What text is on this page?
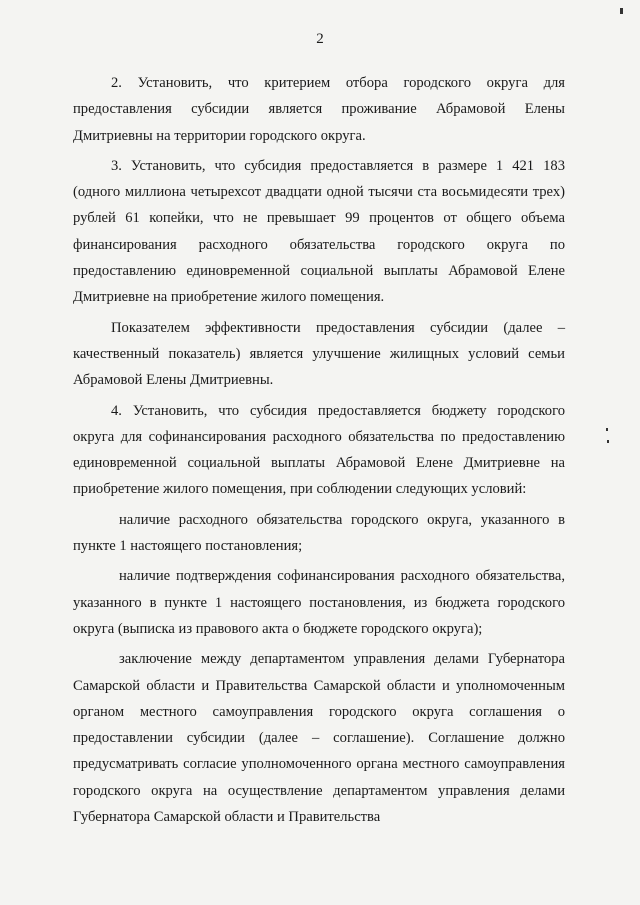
2

2. Установить, что критерием отбора городского округа для предоставления субсидии является проживание Абрамовой Елены Дмитриевны на территории городского округа.

3. Установить, что субсидия предоставляется в размере 1 421 183 (одного миллиона четырехсот двадцати одной тысячи ста восьмидесяти трех) рублей 61 копейки, что не превышает 99 процентов от общего объема финансирования расходного обязательства городского округа по предоставлению единовременной социальной выплаты Абрамовой Елене Дмитриевне на приобретение жилого помещения.

Показателем эффективности предоставления субсидии (далее – качественный показатель) является улучшение жилищных условий семьи Абрамовой Елены Дмитриевны.

4. Установить, что субсидия предоставляется бюджету городского округа для софинансирования расходного обязательства по предоставлению единовременной социальной выплаты Абрамовой Елене Дмитриевне на приобретение жилого помещения, при соблюдении следующих условий:

наличие расходного обязательства городского округа, указанного в пункте 1 настоящего постановления;

наличие подтверждения софинансирования расходного обязательства, указанного в пункте 1 настоящего постановления, из бюджета городского округа (выписка из правового акта о бюджете городского округа);

заключение между департаментом управления делами Губернатора Самарской области и Правительства Самарской области и уполномоченным органом местного самоуправления городского округа соглашения о предоставлении субсидии (далее – соглашение). Соглашение должно предусматривать согласие уполномоченного органа местного самоуправления городского округа на осуществление департаментом управления делами Губернатора Самарской области и Правительства
